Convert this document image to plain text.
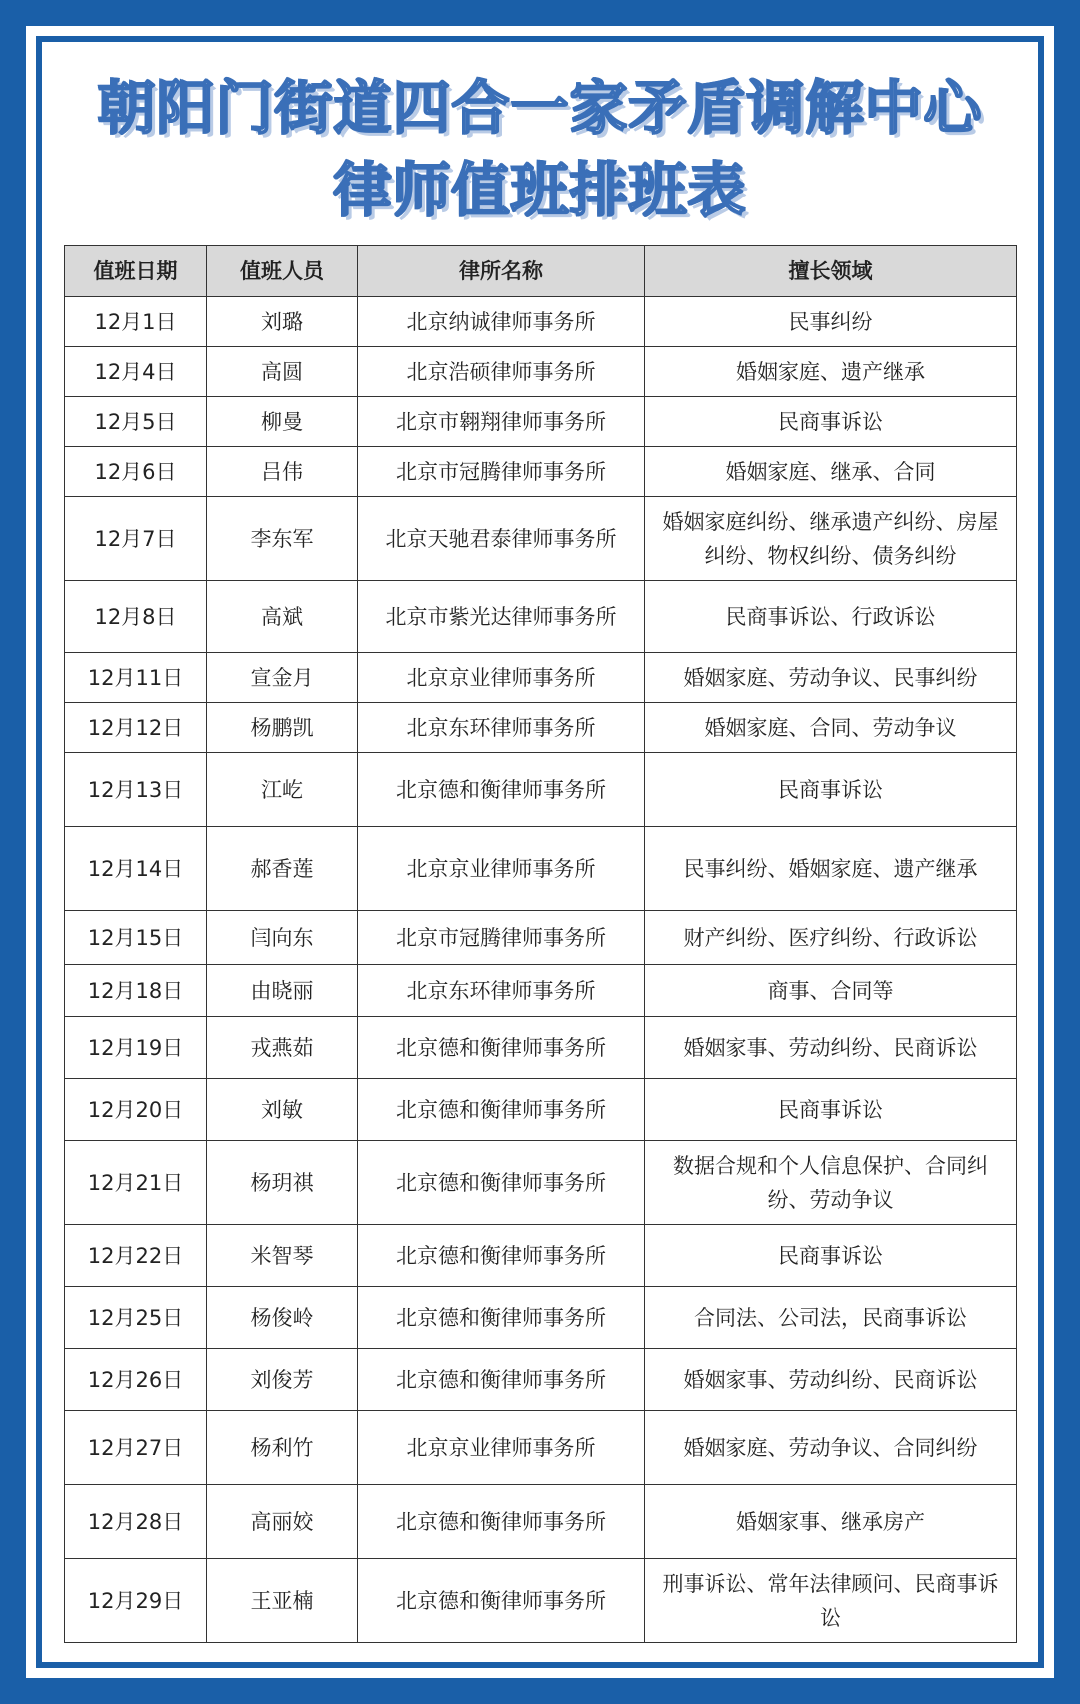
朝阳门街道四合一家矛盾调解中心
律师值班排班表
值班日期	值班人员	律所名称	擅长领域
12月1日	刘璐	北京纳诚律师事务所	民事纠纷
12月4日	高圆	北京浩硕律师事务所	婚姻家庭、遗产继承
12月5日	柳曼	北京市翱翔律师事务所	民商事诉讼
12月6日	吕伟	北京市冠腾律师事务所	婚姻家庭、继承、合同
12月7日	李东军	北京天驰君泰律师事务所	婚姻家庭纠纷、继承遗产纠纷、房屋纠纷、物权纠纷、债务纠纷
12月8日	高斌	北京市紫光达律师事务所	民商事诉讼、行政诉讼
12月11日	宣金月	北京京业律师事务所	婚姻家庭、劳动争议、民事纠纷
12月12日	杨鹏凯	北京东环律师事务所	婚姻家庭、合同、劳动争议
12月13日	江屹	北京德和衡律师事务所	民商事诉讼
12月14日	郝香莲	北京京业律师事务所	民事纠纷、婚姻家庭、遗产继承
12月15日	闫向东	北京市冠腾律师事务所	财产纠纷、医疗纠纷、行政诉讼
12月18日	由晓丽	北京东环律师事务所	商事、合同等
12月19日	戎燕茹	北京德和衡律师事务所	婚姻家事、劳动纠纷、民商诉讼
12月20日	刘敏	北京德和衡律师事务所	民商事诉讼
12月21日	杨玥祺	北京德和衡律师事务所	数据合规和个人信息保护、合同纠纷、劳动争议
12月22日	米智琴	北京德和衡律师事务所	民商事诉讼
12月25日	杨俊岭	北京德和衡律师事务所	合同法、公司法，民商事诉讼
12月26日	刘俊芳	北京德和衡律师事务所	婚姻家事、劳动纠纷、民商诉讼
12月27日	杨利竹	北京京业律师事务所	婚姻家庭、劳动争议、合同纠纷
12月28日	高丽姣	北京德和衡律师事务所	婚姻家事、继承房产
12月29日	王亚楠	北京德和衡律师事务所	刑事诉讼、常年法律顾问、民商事诉讼
